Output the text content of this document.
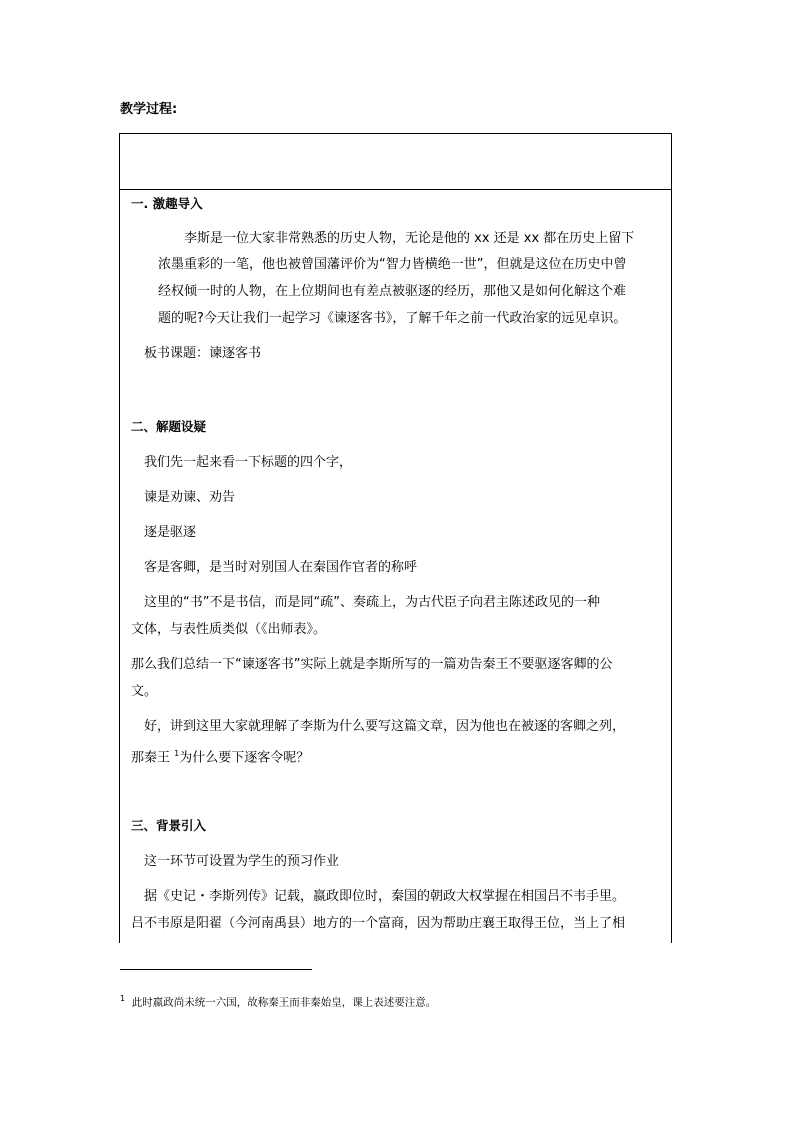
教学过程:
一. 激趣导入
李斯是一位大家非常熟悉的历史人物，无论是他的 xx 还是 xx 都在历史上留下
浓墨重彩的一笔，他也被曾国藩评价为“智力皆横绝一世”，但就是这位在历史中曾
经权倾一时的人物，在上位期间也有差点被驱逐的经历，那他又是如何化解这个难
题的呢?今天让我们一起学习《谏逐客书》，了解千年之前一代政治家的远见卓识。
板书课题：谏逐客书
二、解题设疑
我们先一起来看一下标题的四个字，
谏是劝谏、劝告
逐是驱逐
客是客卿，是当时对别国人在秦国作官者的称呼
这里的“书”不是书信，而是同“疏”、奏疏上，为古代臣子向君主陈述政见的一种
文体，与表性质类似（《出师表》。
那么我们总结一下“谏逐客书”实际上就是李斯所写的一篇劝告秦王不要驱逐客卿的公
文。
好，讲到这里大家就理解了李斯为什么要写这篇文章，因为他也在被逐的客卿之列，
那秦王 $^1$为什么要下逐客令呢？
三、背景引入
这一环节可设置为学生的预习作业
据《史记・李斯列传》记载，嬴政即位时，秦国的朝政大权掌握在相国吕不韦手里。
吕不韦原是阳翟（今河南禹县）地方的一个富商，因为帮助庄襄王取得王位，当上了相
$^1$ 此时嬴政尚未统一六国，故称秦王而非秦始皇，课上表述要注意。
